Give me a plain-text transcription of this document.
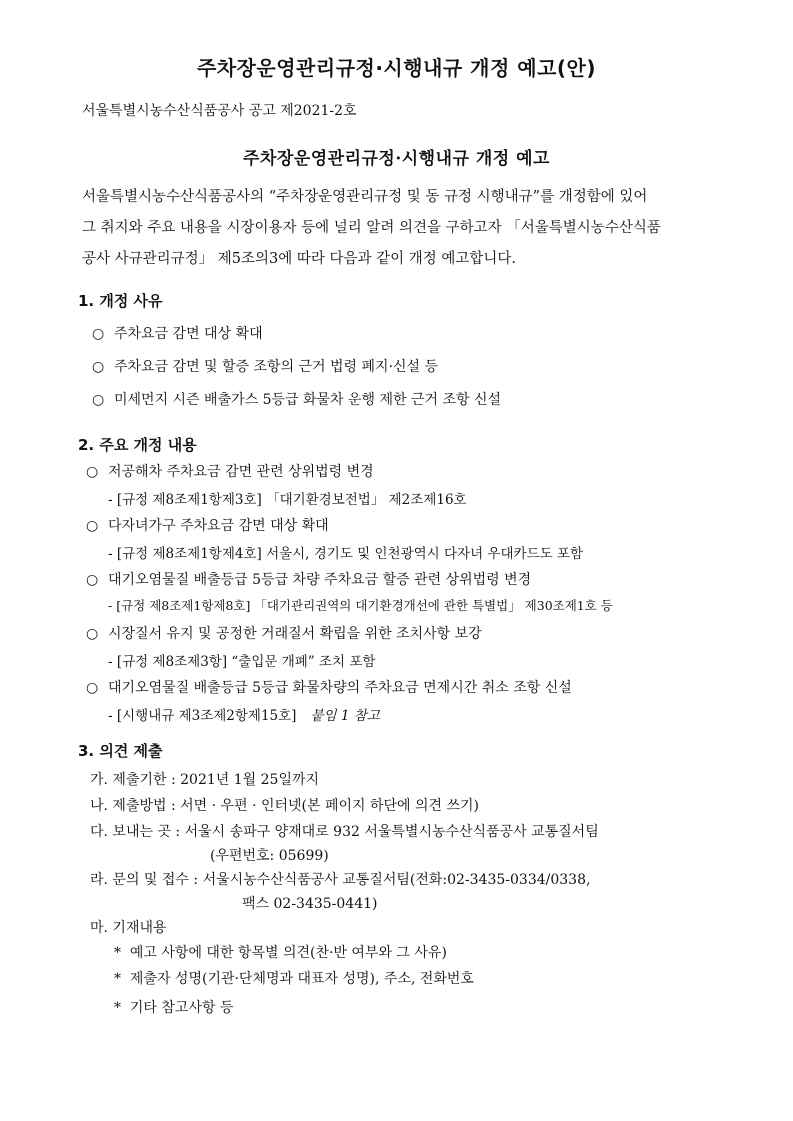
주차장운영관리규정·시행내규 개정 예고(안)
서울특별시농수산식품공사 공고 제2021-2호
주차장운영관리규정·시행내규 개정 예고
서울특별시농수산식품공사의 “주차장운영관리규정 및 동 규정 시행내규”를 개정함에 있어
그 취지와 주요 내용을 시장이용자 등에 널리 알려 의견을 구하고자 「서울특별시농수산식품
공사 사규관리규정」 제5조의3에 따라 다음과 같이 개정 예고합니다.
1. 개정 사유
○ 주차요금 감면 대상 확대
○ 주차요금 감면 및 할증 조항의 근거 법령 폐지·신설 등
○ 미세먼지 시즌 배출가스 5등급 화물차 운행 제한 근거 조항 신설
2. 주요 개정 내용
○ 저공해차 주차요금 감면 관련 상위법령 변경
- [규정 제8조제1항제3호] 「대기환경보전법」 제2조제16호
○ 다자녀가구 주차요금 감면 대상 확대
- [규정 제8조제1항제4호] 서울시, 경기도 및 인천광역시 다자녀 우대카드도 포함
○ 대기오염물질 배출등급 5등급 차량 주차요금 할증 관련 상위법령 변경
- [규정 제8조제1항제8호] 「대기관리권역의 대기환경개선에 관한 특별법」 제30조제1호 등
○ 시장질서 유지 및 공정한 거래질서 확립을 위한 조치사항 보강
- [규정 제8조제3항] “출입문 개폐” 조치 포함
○ 대기오염물질 배출등급 5등급 화물차량의 주차요금 면제시간 취소 조항 신설
- [시행내규 제3조제2항제15호] 붙임 1 참고
3. 의견 제출
가. 제출기한 : 2021년 1월 25일까지
나. 제출방법 : 서면 · 우편 · 인터넷(본 페이지 하단에 의견 쓰기)
다. 보내는 곳 : 서울시 송파구 양재대로 932 서울특별시농수산식품공사 교통질서팀
(우편번호: 05699)
라. 문의 및 접수 : 서울시농수산식품공사 교통질서팀(전화:02-3435-0334/0338,
팩스 02-3435-0441)
마. 기재내용
* 예고 사항에 대한 항목별 의견(찬·반 여부와 그 사유)
* 제출자 성명(기관·단체명과 대표자 성명), 주소, 전화번호
* 기타 참고사항 등
